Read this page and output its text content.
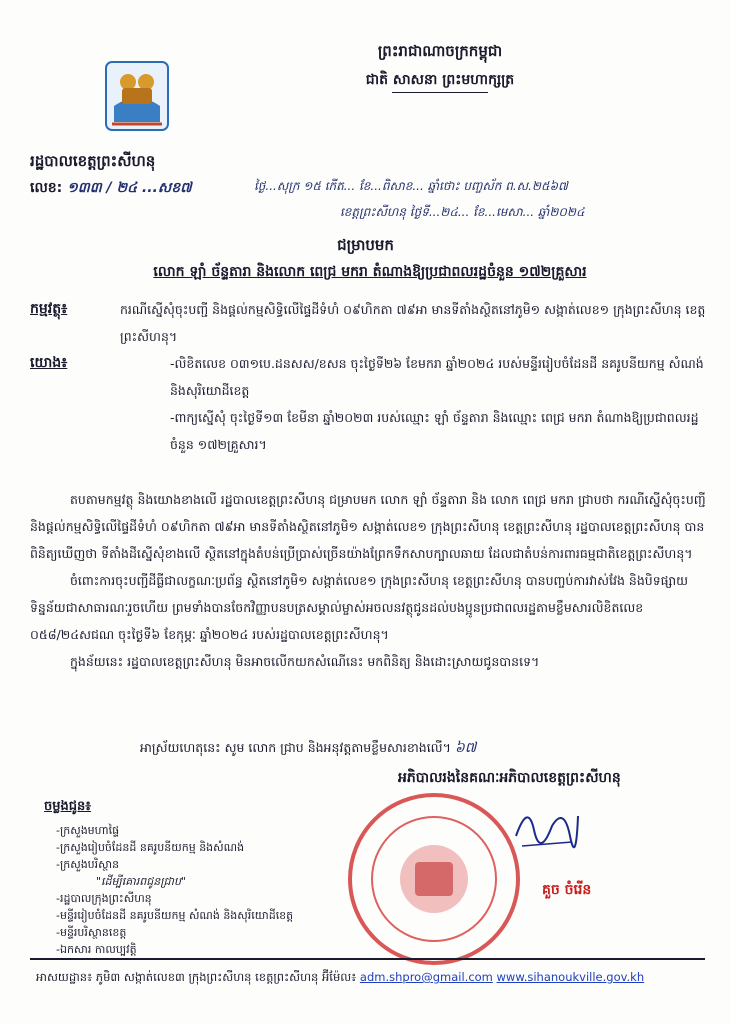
ព្រះរាជាណាចក្រកម្ពុជា
ជាតិ សាសនា ព្រះមហាក្សត្រ
រដ្ឋបាលខេត្តព្រះសីហនុ
លេខ: ១៣៣ / ២៤ ...សខ៧	ថ្ងៃ...សុក្រ ១៥ កើត... ខែ...ពិសាខ... ឆ្នាំថោះ បញ្ចស័ក ព.ស.២៥៦៧
ខេត្តព្រះសីហនុ ថ្ងៃទី...២៤... ខែ...មេសា... ឆ្នាំ២០២៤
ជម្រាបមក
លោក ឡាំ ច័ន្ទតារា និងលោក ពេជ្រ មករា តំណាងឱ្យប្រជាពលរដ្ឋចំនួន ១៧២គ្រួសារ
កម្មវត្ថុ៖	ករណីស្នើសុំចុះបញ្ជី និងផ្តល់កម្មសិទ្ធិលើផ្ទៃដីទំហំ ០៩ហិកតា ៧៩អា មានទីតាំងស្ថិតនៅភូមិ១ សង្កាត់លេខ១ ក្រុងព្រះសីហនុ ខេត្តព្រះសីហនុ។
យោង៖	-លិខិតលេខ ០៣១បេ.ដនសស/ខសន ចុះថ្ងៃទី២៦ ខែមករា ឆ្នាំ២០២៤ របស់មន្ទីររៀបចំដែនដី នគរូបនីយកម្ម សំណង់ និងសុរិយោដីខេត្ត
-ពាក្យស្នើសុំ ចុះថ្ងៃទី១៣ ខែមីនា ឆ្នាំ២០២៣ របស់ឈ្មោះ ឡាំ ច័ន្ទតារា និងឈ្មោះ ពេជ្រ មករា តំណាងឱ្យប្រជាពលរដ្ឋចំនួន ១៧២គ្រួសារ។
តបតាមកម្មវត្ថុ និងយោងខាងលើ រដ្ឋបាលខេត្តព្រះសីហនុ ជម្រាបមក លោក ឡាំ ច័ន្ទតារា និង លោក ពេជ្រ មករា ជ្រាបថា ករណីស្នើសុំចុះបញ្ជី និងផ្តល់កម្មសិទ្ធិលើផ្ទៃដីទំហំ ០៩ហិកតា ៧៩អា មានទីតាំងស្ថិតនៅភូមិ១ សង្កាត់លេខ១ ក្រុងព្រះសីហនុ ខេត្តព្រះសីហនុ រដ្ឋបាលខេត្តព្រះសីហនុ បានពិនិត្យឃើញថា ទីតាំងដីស្នើសុំខាងលើ ស្ថិតនៅក្នុងតំបន់ប្រើប្រាស់ច្រើនយ៉ាងព្រែកទឹកសាបក្បាលឆាយ ដែលជាតំបន់ការពារធម្មជាតិខេត្តព្រះសីហនុ។
ចំពោះការចុះបញ្ជីដីធ្លីជាលក្ខណៈប្រព័ន្ធ ស្ថិតនៅភូមិ១ សង្កាត់លេខ១ ក្រុងព្រះសីហនុ ខេត្តព្រះសីហនុ បានបញ្ចប់ការវាស់វែង និងបិទផ្សាយទិន្នន័យជាសាធារណៈរួចហើយ ព្រមទាំងបានចែកវិញ្ញាបនបត្រសម្គាល់ម្ចាស់អចលនវត្ថុជូនដល់បងប្អូនប្រជាពលរដ្ឋតាមខ្លឹមសារលិខិតលេខ ០៥៨/២៤សជណ ចុះថ្ងៃទី៦ ខែកុម្ភៈ ឆ្នាំ២០២៤ របស់រដ្ឋបាលខេត្តព្រះសីហនុ។
ក្នុងន័យនេះ រដ្ឋបាលខេត្តព្រះសីហនុ មិនអាចលើកយកសំណើនេះ មកពិនិត្យ និងដោះស្រាយជូនបានទេ។
អាស្រ័យហេតុនេះ សូម លោក ជ្រាប និងអនុវត្តតាមខ្លឹមសារខាងលើ។ ៦៧
អភិបាលរងនៃគណៈអភិបាលខេត្តព្រះសីហនុ
គួច ចំរើន
ចម្លងជូន៖
-ក្រសួងមហាផ្ទៃ
-ក្រសួងរៀបចំដែនដី នគរូបនីយកម្ម និងសំណង់
-ក្រសួងបរិស្ថាន
"ដើម្បីគោរពជូនជ្រាប"
-រដ្ឋបាលក្រុងព្រះសីហនុ
-មន្ទីររៀបចំដែនដី នគរូបនីយកម្ម សំណង់ និងសុរិយោដីខេត្ត
-មន្ទីរបរិស្ថានខេត្ត
-ឯកសារ កាលប្បវត្តិ
អាសយដ្ឋាន៖ ភូមិ៣ សង្កាត់លេខ៣ ក្រុងព្រះសីហនុ ខេត្តព្រះសីហនុ អ៊ីម៉ែល៖ adm.shpro@gmail.com www.sihanoukville.gov.kh
